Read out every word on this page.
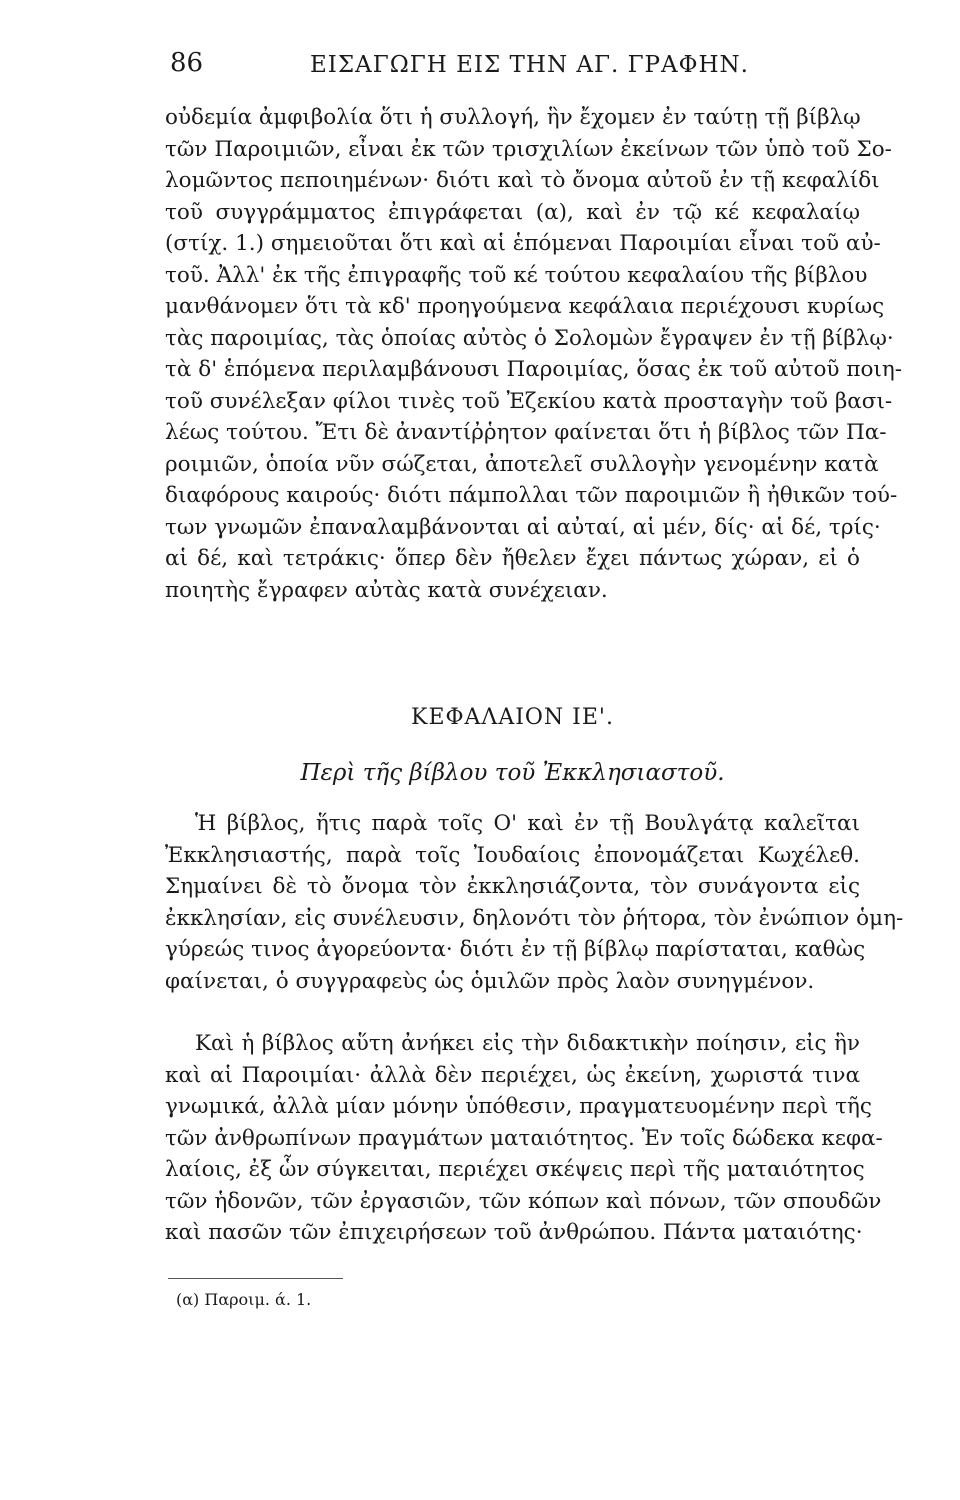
86	ΕΙΣΑΓΩΓΗ ΕΙΣ ΤΗΝ ΑΓ. ΓΡΑΦΗΝ.
οὐδεμία ἀμφιβολία ὅτι ἡ συλλογή, ἣν ἔχομεν ἐν ταύτῃ τῇ βίβλῳ
τῶν Παροιμιῶν, εἶναι ἐκ τῶν τρισχιλίων ἐκείνων τῶν ὑπὸ τοῦ Σο-
λομῶντος πεποιημένων· διότι καὶ τὸ ὄνομα αὐτοῦ ἐν τῇ κεφαλίδι
τοῦ συγγράμματος ἐπιγράφεται (α), καὶ ἐν τῷ κέ κεφαλαίῳ
(στίχ. 1.) σημειοῦται ὅτι καὶ αἱ ἑπόμεναι Παροιμίαι εἶναι τοῦ αὐ-
τοῦ. Ἀλλ' ἐκ τῆς ἐπιγραφῆς τοῦ κέ τούτου κεφαλαίου τῆς βίβλου
μανθάνομεν ὅτι τὰ κδ' προηγούμενα κεφάλαια περιέχουσι κυρίως
τὰς παροιμίας, τὰς ὁποίας αὐτὸς ὁ Σολομὼν ἔγραψεν ἐν τῇ βίβλῳ·
τὰ δ' ἑπόμενα περιλαμβάνουσι Παροιμίας, ὅσας ἐκ τοῦ αὐτοῦ ποιη-
τοῦ συνέλεξαν φίλοι τινὲς τοῦ Ἐζεκίου κατὰ προσταγὴν τοῦ βασι-
λέως τούτου. Ἔτι δὲ ἀναντίῤῥητον φαίνεται ὅτι ἡ βίβλος τῶν Πα-
ροιμιῶν, ὁποία νῦν σώζεται, ἀποτελεῖ συλλογὴν γενομένην κατὰ
διαφόρους καιρούς· διότι πάμπολλαι τῶν παροιμιῶν ἢ ἠθικῶν τού-
των γνωμῶν ἐπαναλαμβάνονται αἱ αὐταί, αἱ μέν, δίς· αἱ δέ, τρίς·
αἱ δέ, καὶ τετράκις· ὅπερ δὲν ἤθελεν ἔχει πάντως χώραν, εἰ ὁ
ποιητὴς ἔγραφεν αὐτὰς κατὰ συνέχειαν.
ΚΕΦΑΛΑΙΟΝ ΙΕ'.
Περὶ τῆς βίβλου τοῦ Ἐκκλησιαστοῦ.
Ἡ βίβλος, ἥτις παρὰ τοῖς Ο' καὶ ἐν τῇ Βουλγάτᾳ καλεῖται
Ἐκκλησιαστής, παρὰ τοῖς Ἰουδαίοις ἐπονομάζεται Κωχέλεθ.
Σημαίνει δὲ τὸ ὄνομα τὸν ἐκκλησιάζοντα, τὸν συνάγοντα εἰς
ἐκκλησίαν, εἰς συνέλευσιν, δηλονότι τὸν ῥήτορα, τὸν ἐνώπιον ὁμη-
γύρεώς τινος ἀγορεύοντα· διότι ἐν τῇ βίβλῳ παρίσταται, καθὼς
φαίνεται, ὁ συγγραφεὺς ὡς ὁμιλῶν πρὸς λαὸν συνηγμένον.
Καὶ ἡ βίβλος αὕτη ἀνήκει εἰς τὴν διδακτικὴν ποίησιν, εἰς ἣν
καὶ αἱ Παροιμίαι· ἀλλὰ δὲν περιέχει, ὡς ἐκείνη, χωριστά τινα
γνωμικά, ἀλλὰ μίαν μόνην ὑπόθεσιν, πραγματευομένην περὶ τῆς
τῶν ἀνθρωπίνων πραγμάτων ματαιότητος. Ἐν τοῖς δώδεκα κεφα-
λαίοις, ἐξ ὧν σύγκειται, περιέχει σκέψεις περὶ τῆς ματαιότητος
τῶν ἡδονῶν, τῶν ἐργασιῶν, τῶν κόπων καὶ πόνων, τῶν σπουδῶν
καὶ πασῶν τῶν ἐπιχειρήσεων τοῦ ἀνθρώπου. Πάντα ματαιότης·
(α) Παροιμ. ά. 1.
